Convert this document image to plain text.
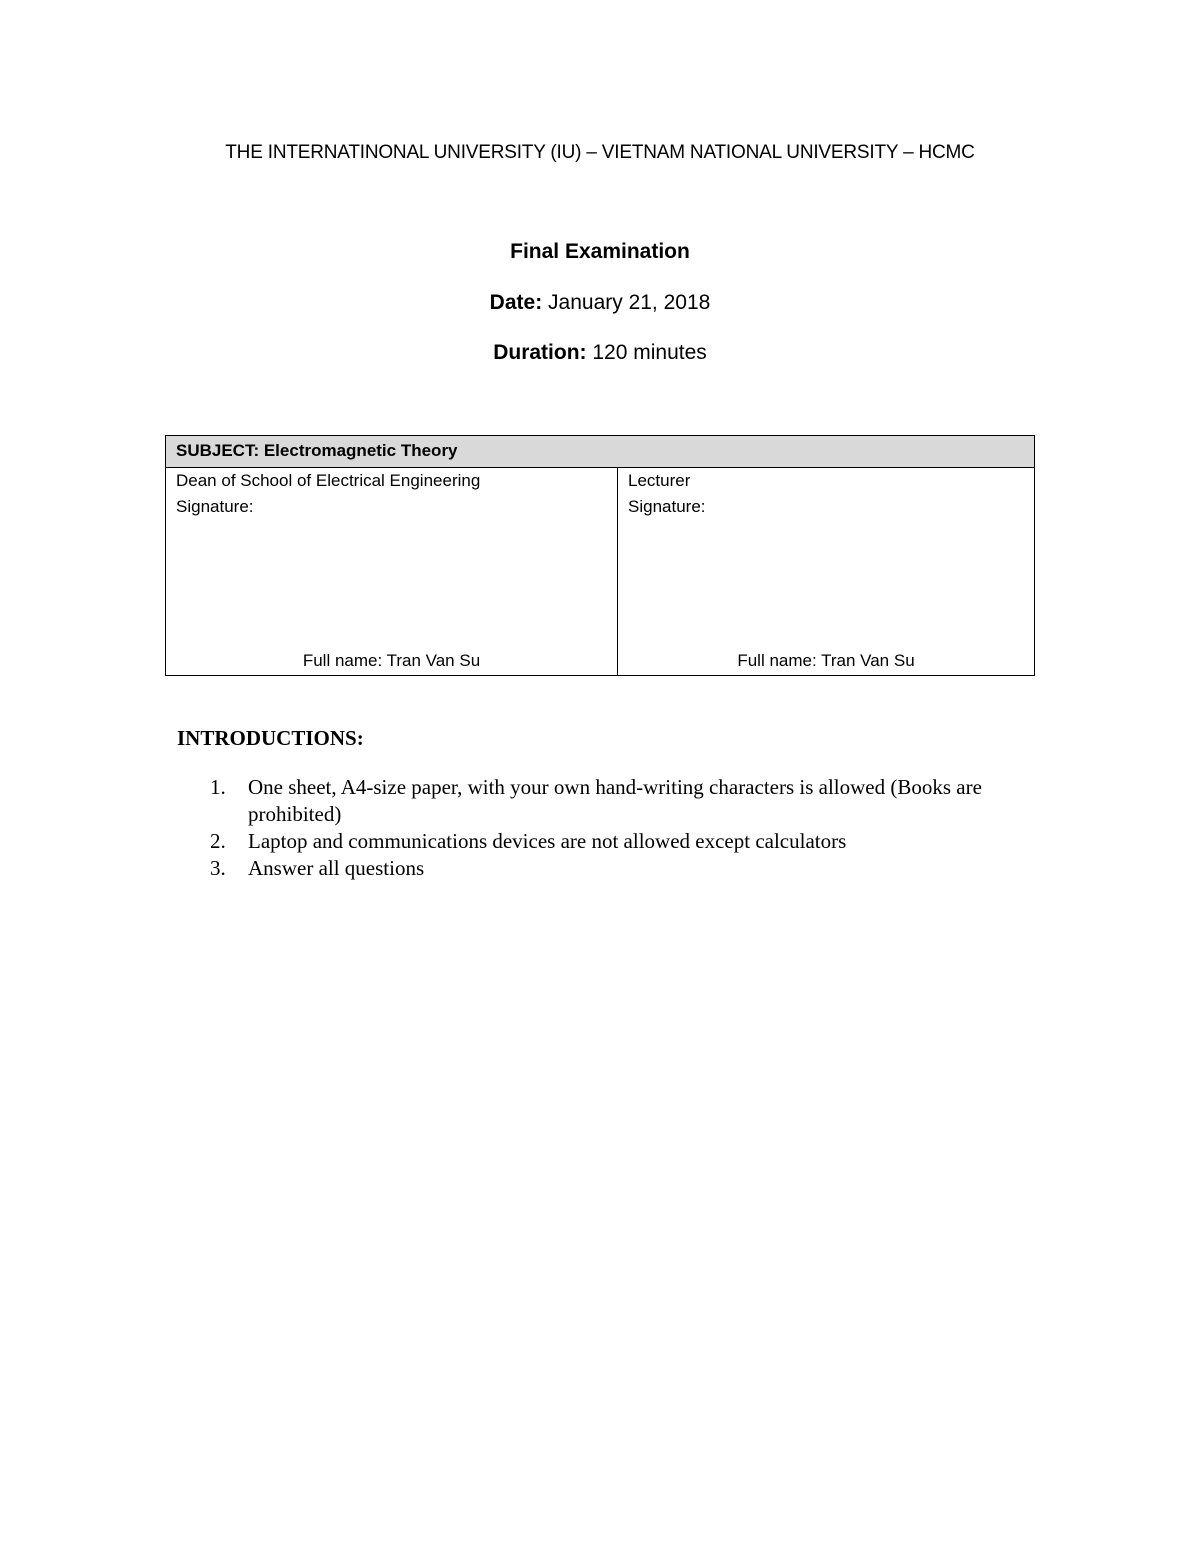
THE INTERNATINONAL UNIVERSITY (IU) – VIETNAM NATIONAL UNIVERSITY – HCMC
Final Examination
Date: January 21, 2018
Duration: 120 minutes
SUBJECT: Electromagnetic Theory

Dean of School of Electrical Engineering
Signature:
Full name: Tran Van Su

Lecturer
Signature:
Full name: Tran Van Su
INTRODUCTIONS:
1. One sheet, A4-size paper, with your own hand-writing characters is allowed (Books are prohibited)
2. Laptop and communications devices are not allowed except calculators
3. Answer all questions
